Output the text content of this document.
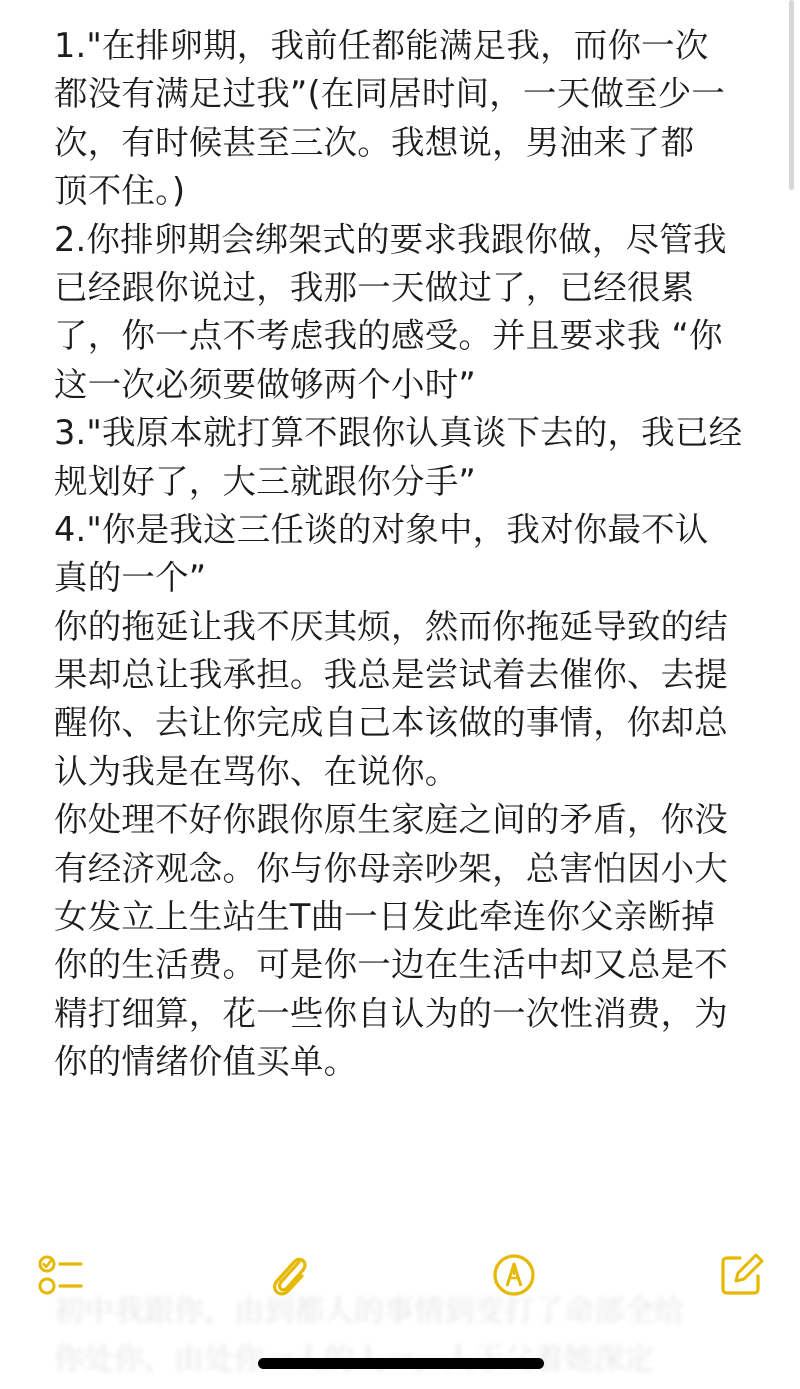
1."在排卵期，我前任都能满足我，而你一次
都没有满足过我”(在同居时间，一天做至少一
次，有时候甚至三次。我想说，男油来了都
顶不住。)
2.你排卵期会绑架式的要求我跟你做，尽管我
已经跟你说过，我那一天做过了，已经很累
了，你一点不考虑我的感受。并且要求我 “你
这一次必须要做够两个小时”
3."我原本就打算不跟你认真谈下去的，我已经
规划好了，大三就跟你分手”
4."你是我这三任谈的对象中，我对你最不认
真的一个”
你的拖延让我不厌其烦，然而你拖延导致的结
果却总让我承担。我总是尝试着去催你、去提
醒你、去让你完成自己本该做的事情，你却总
认为我是在骂你、在说你。
你处理不好你跟你原生家庭之间的矛盾，你没
有经济观念。你与你母亲吵架，总害怕因小大
女发立上生站生T曲一日发此牵连你父亲断掉
你的生活费。可是你一边在生活中却又总是不
精打细算，花一些你自认为的一次性消费，为
你的情绪价值买单。
初中我跟你，由到都人的事情到变打了命部全给
